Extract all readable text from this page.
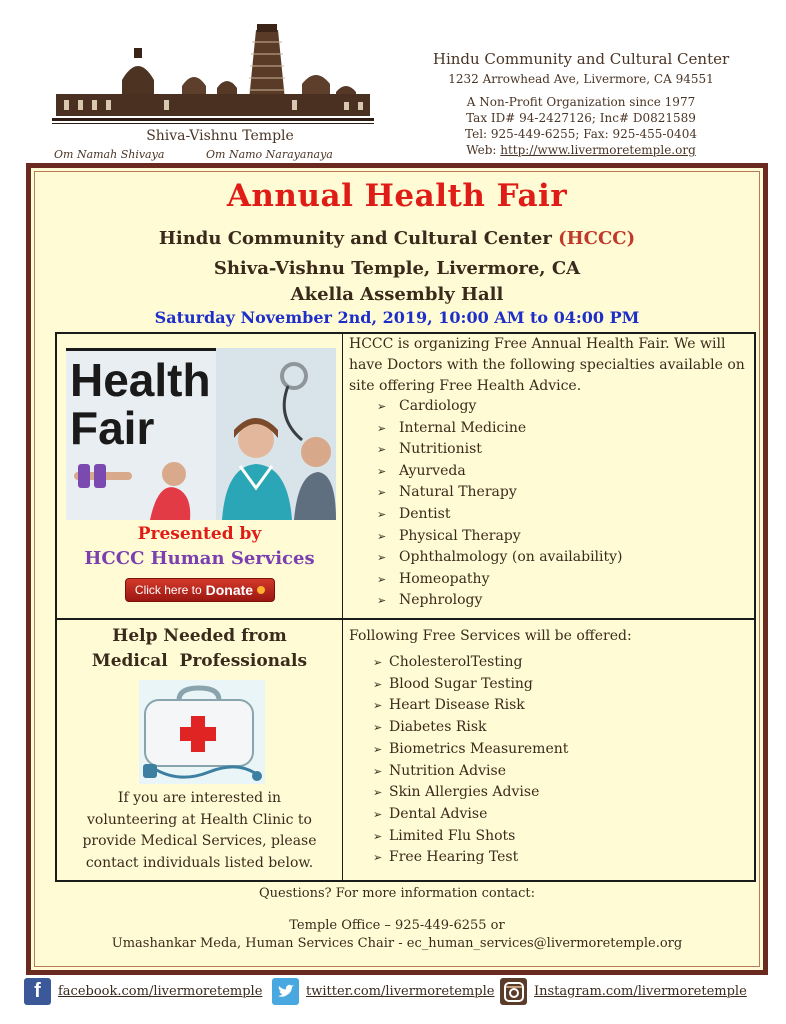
Shiva-Vishnu Temple
Om Namah Shivaya	Om Namo Narayanaya
Hindu Community and Cultural Center
1232 Arrowhead Ave, Livermore, CA 94551
A Non-Profit Organization since 1977
Tax ID# 94-2427126; Inc# D0821589
Tel: 925-449-6255; Fax: 925-455-0404
Web: http://www.livermoretemple.org
Annual Health Fair
Hindu Community and Cultural Center (HCCC)
Shiva-Vishnu Temple, Livermore, CA
Akella Assembly Hall
Saturday November 2nd, 2019, 10:00 AM to 04:00 PM
Health
Fair
Presented by
HCCC Human Services
Click here to Donate
HCCC is organizing Free Annual Health Fair. We will have Doctors with the following specialties available on site offering Free Health Advice.
➢ Cardiology
➢ Internal Medicine
➢ Nutritionist
➢ Ayurveda
➢ Natural Therapy
➢ Dentist
➢ Physical Therapy
➢ Ophthalmology (on availability)
➢ Homeopathy
➢ Nephrology
Help Needed from
Medical  Professionals
If you are interested in
volunteering at Health Clinic to
provide Medical Services, please
contact individuals listed below.
Following Free Services will be offered:
➢ CholesterolTesting
➢ Blood Sugar Testing
➢ Heart Disease Risk
➢ Diabetes Risk
➢ Biometrics Measurement
➢ Nutrition Advise
➢ Skin Allergies Advise
➢ Dental Advise
➢ Limited Flu Shots
➢ Free Hearing Test
Questions? For more information contact:
Temple Office – 925-449-6255 or
Umashankar Meda, Human Services Chair - ec_human_services@livermoretemple.org
f facebook.com/livermoretemple	twitter.com/livermoretemple	Instagram.com/livermoretemple
